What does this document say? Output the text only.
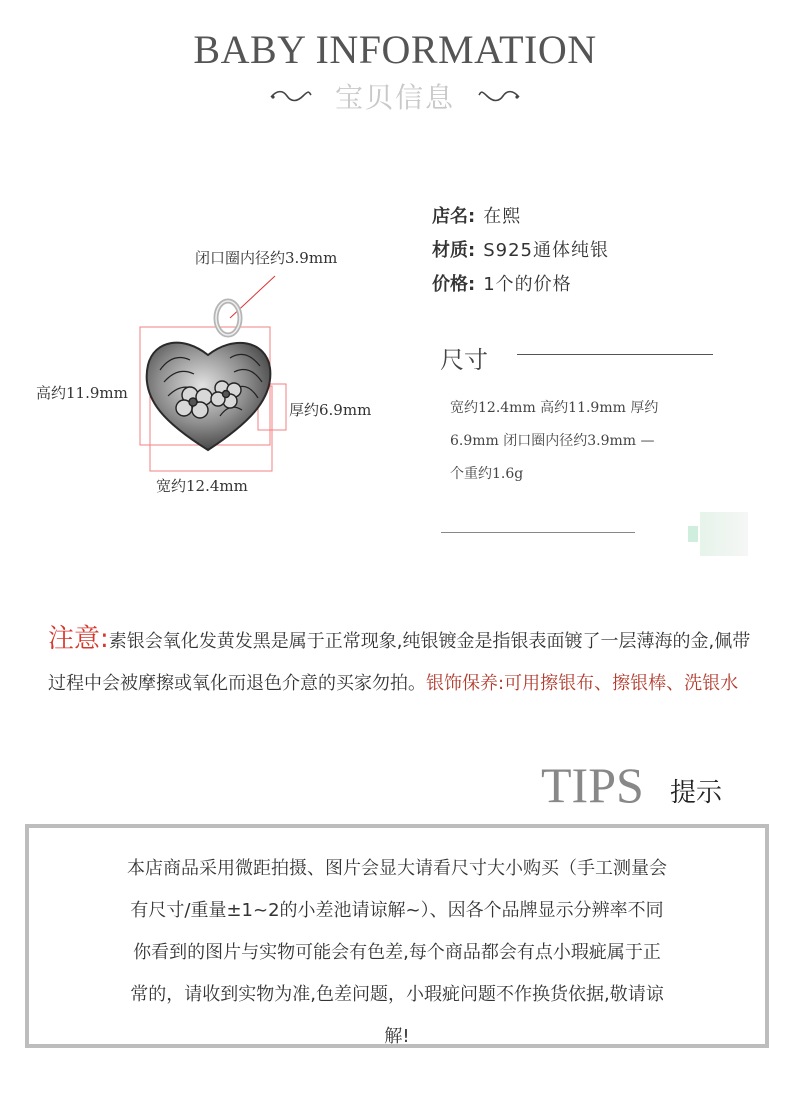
BABY INFORMATION
宝贝信息
闭口圈内径约3.9mm
高约11.9mm
厚约6.9mm
宽约12.4mm
店名: 在熙
材质: S925通体纯银
价格: 1个的价格
尺寸
宽约12.4mm 高约11.9mm 厚约
6.9mm 闭口圈内径约3.9mm —
个重约1.6g
注意:素银会氧化发黄发黑是属于正常现象,纯银镀金是指银表面镀了一层薄海的金,佩带过程中会被摩擦或氧化而退色介意的买家勿拍。银饰保养:可用擦银布、擦银棒、洗银水
TIPS 提示
本店商品采用微距拍摄、图片会显大请看尺寸大小购买（手工测量会
有尺寸/重量±1~2的小差池请谅解~）、因各个品牌显示分辨率不同
你看到的图片与实物可能会有色差,每个商品都会有点小瑕疵属于正
常的，请收到实物为准,色差问题，小瑕疵问题不作换货依据,敬请谅
解!
